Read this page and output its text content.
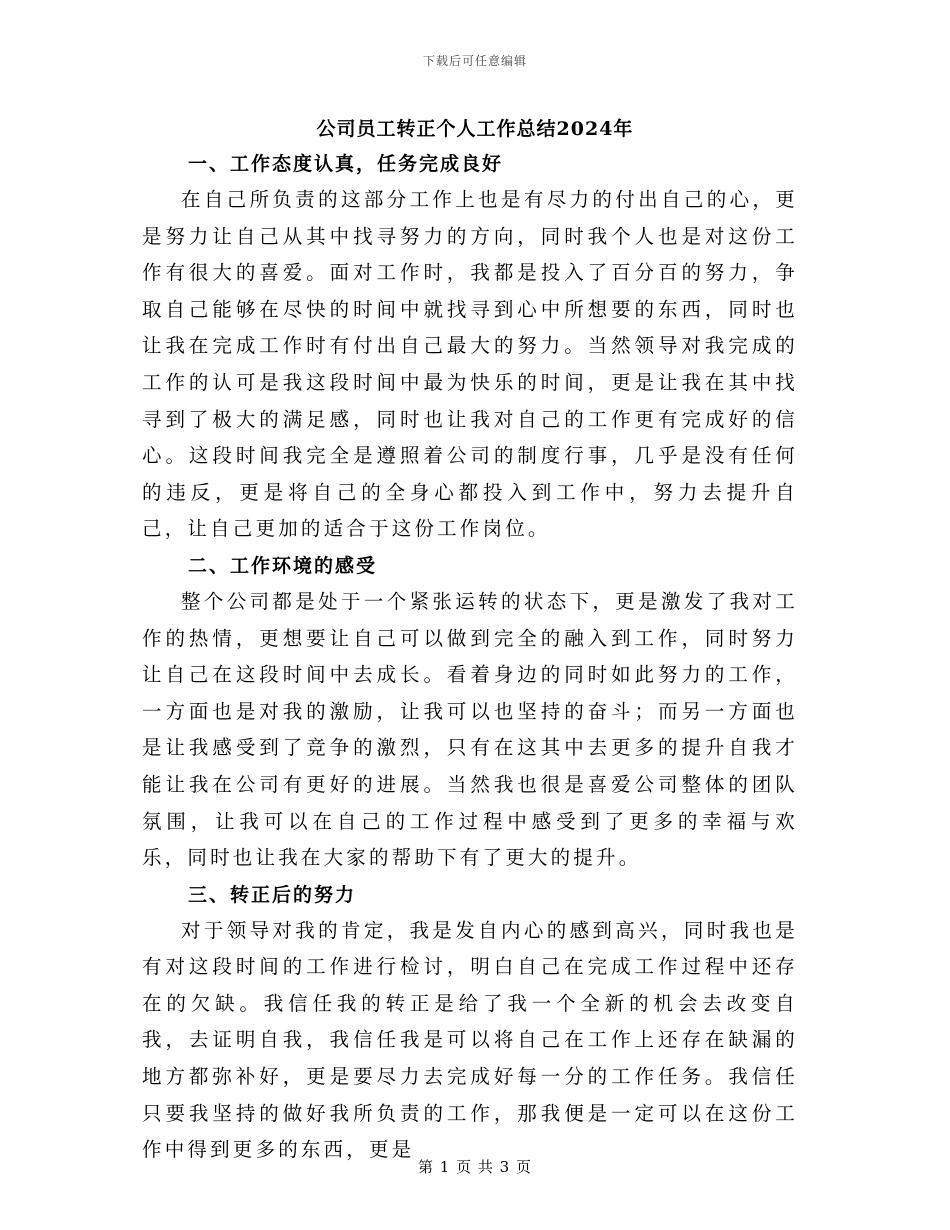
下载后可任意编辑
公司员工转正个人工作总结2024年
一、工作态度认真，任务完成良好

在自己所负责的这部分工作上也是有尽力的付出自己的心，更是努力让自己从其中找寻努力的方向，同时我个人也是对这份工作有很大的喜爱。面对工作时，我都是投入了百分百的努力，争取自己能够在尽快的时间中就找寻到心中所想要的东西，同时也让我在完成工作时有付出自己最大的努力。当然领导对我完成的工作的认可是我这段时间中最为快乐的时间，更是让我在其中找寻到了极大的满足感，同时也让我对自己的工作更有完成好的信心。这段时间我完全是遵照着公司的制度行事，几乎是没有任何的违反，更是将自己的全身心都投入到工作中，努力去提升自己，让自己更加的适合于这份工作岗位。

二、工作环境的感受

整个公司都是处于一个紧张运转的状态下，更是激发了我对工作的热情，更想要让自己可以做到完全的融入到工作，同时努力让自己在这段时间中去成长。看着身边的同时如此努力的工作，一方面也是对我的激励，让我可以也坚持的奋斗；而另一方面也是让我感受到了竞争的激烈，只有在这其中去更多的提升自我才能让我在公司有更好的进展。当然我也很是喜爱公司整体的团队氛围，让我可以在自己的工作过程中感受到了更多的幸福与欢乐，同时也让我在大家的帮助下有了更大的提升。

三、转正后的努力

对于领导对我的肯定，我是发自内心的感到高兴，同时我也是有对这段时间的工作进行检讨，明白自己在完成工作过程中还存在的欠缺。我信任我的转正是给了我一个全新的机会去改变自我，去证明自我，我信任我是可以将自己在工作上还存在缺漏的地方都弥补好，更是要尽力去完成好每一分的工作任务。我信任只要我坚持的做好我所负责的工作，那我便是一定可以在这份工作中得到更多的东西，更是

第 1 页 共 3 页
